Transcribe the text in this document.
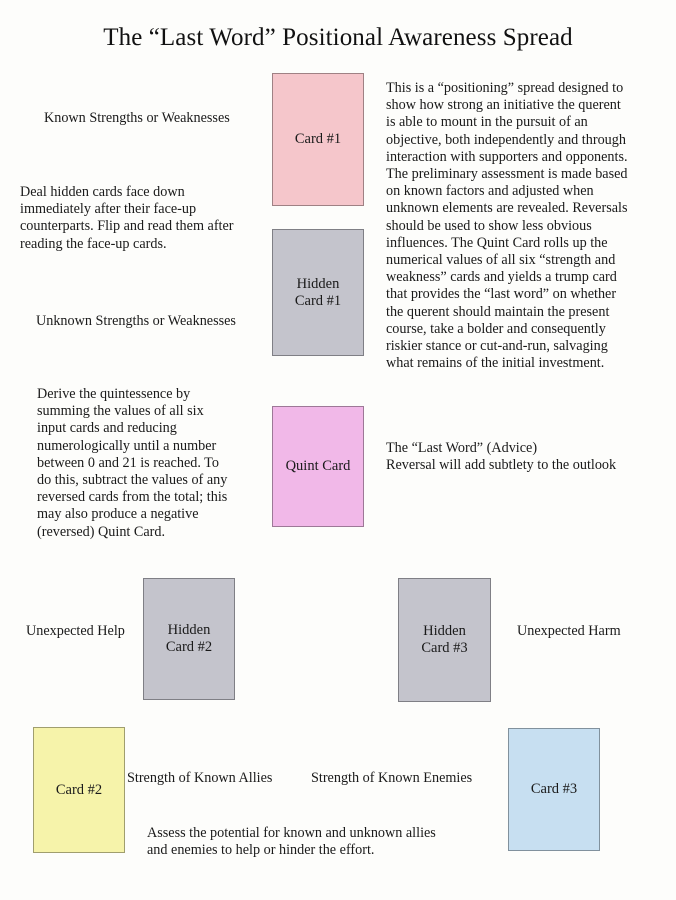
The “Last Word” Positional Awareness Spread
Card #1
Hidden
Card #1
Quint Card
Hidden
Card #2
Hidden
Card #3
Card #2	Card #3
Known Strengths or Weaknesses
Unknown Strengths or Weaknesses
Unexpected Help	Unexpected Harm
Strength of Known Allies	Strength of Known Enemies
This is a “positioning” spread designed to
show how strong an initiative the querent
is able to mount in the pursuit of an
objective, both independently and through
interaction with supporters and opponents.
The preliminary assessment is made based
on known factors and adjusted when
unknown elements are revealed. Reversals
should be used to show less obvious
influences. The Quint Card rolls up the
numerical values of all six “strength and
weakness” cards and yields a trump card
that provides the “last word” on whether
the querent should maintain the present
course, take a bolder and consequently
riskier stance or cut-and-run, salvaging
what remains of the initial investment.
Deal hidden cards face down
immediately after their face-up
counterparts. Flip and read them after
reading the face-up cards.
Derive the quintessence by
summing the values of all six
input cards and reducing
numerologically until a number
between 0 and 21 is reached. To
do this, subtract the values of any
reversed cards from the total; this
may also produce a negative
(reversed) Quint Card.
The “Last Word” (Advice)
Reversal will add subtlety to the outlook
Assess the potential for known and unknown allies
and enemies to help or hinder the effort.
